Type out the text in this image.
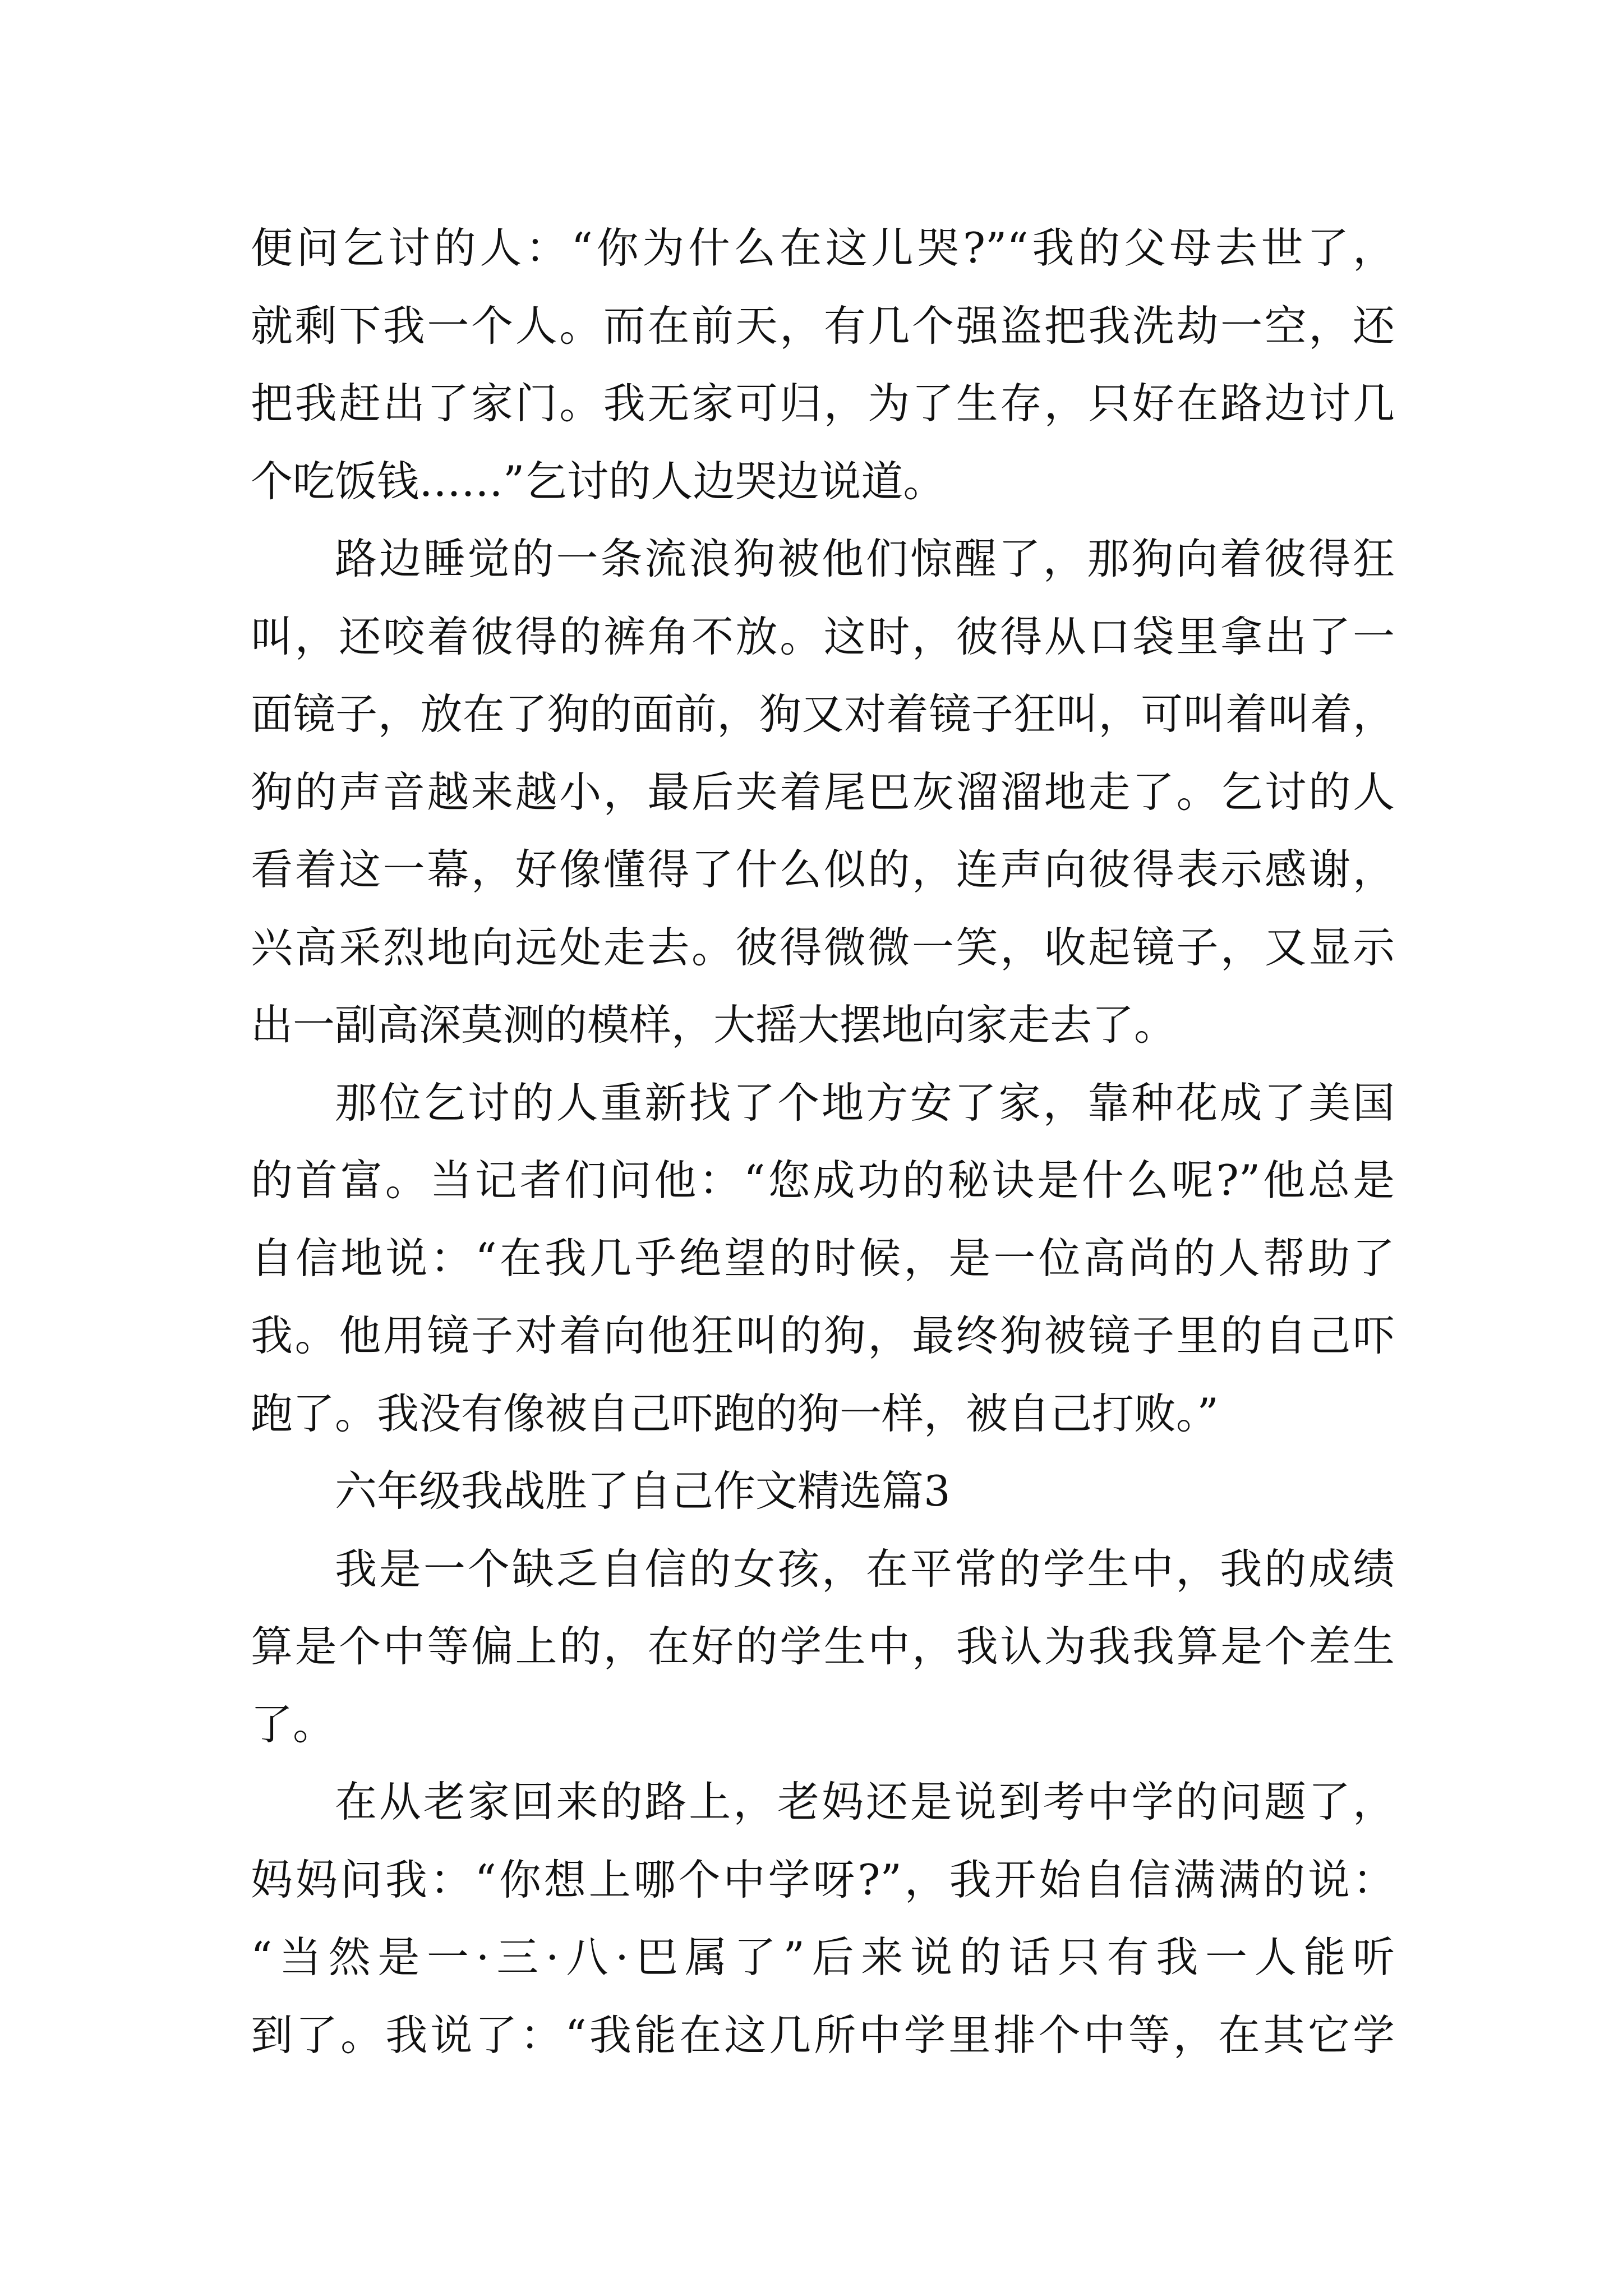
便问乞讨的人：“你为什么在这儿哭?”“我的父母去世了，
就剩下我一个人。而在前天，有几个强盗把我洗劫一空，还
把我赶出了家门。我无家可归，为了生存，只好在路边讨几
个吃饭钱……”乞讨的人边哭边说道。
路边睡觉的一条流浪狗被他们惊醒了，那狗向着彼得狂
叫，还咬着彼得的裤角不放。这时，彼得从口袋里拿出了一
面镜子，放在了狗的面前，狗又对着镜子狂叫，可叫着叫着，
狗的声音越来越小，最后夹着尾巴灰溜溜地走了。乞讨的人
看着这一幕，好像懂得了什么似的，连声向彼得表示感谢，
兴高采烈地向远处走去。彼得微微一笑，收起镜子，又显示
出一副高深莫测的模样，大摇大摆地向家走去了。
那位乞讨的人重新找了个地方安了家，靠种花成了美国
的首富。当记者们问他：“您成功的秘诀是什么呢?”他总是
自信地说：“在我几乎绝望的时候，是一位高尚的人帮助了
我。他用镜子对着向他狂叫的狗，最终狗被镜子里的自己吓
跑了。我没有像被自己吓跑的狗一样，被自己打败。”
六年级我战胜了自己作文精选篇3
我是一个缺乏自信的女孩，在平常的学生中，我的成绩
算是个中等偏上的，在好的学生中，我认为我我算是个差生
了。
在从老家回来的路上，老妈还是说到考中学的问题了，
妈妈问我：“你想上哪个中学呀?”，我开始自信满满的说：
“当然是一·三·八·巴属了”后来说的话只有我一人能听
到了。我说了：“我能在这几所中学里排个中等，在其它学
